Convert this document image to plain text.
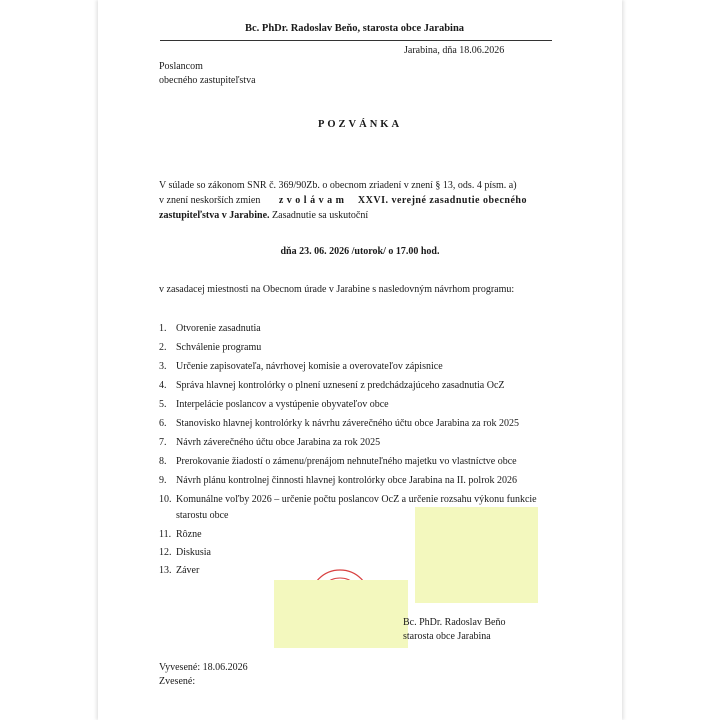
Bc. PhDr. Radoslav Beňo, starosta obce Jarabina
Jarabina, dňa 18.06.2026
Poslancom
obecného zastupiteľstva
POZVÁNKA
V súlade so zákonom SNR č. 369/90Zb. o obecnom zriadení v znení § 13, ods. 4 písm. a)
v znení neskorších zmien zvolávam XXVI. verejné zasadnutie obecného
zastupiteľstva v Jarabine. Zasadnutie sa uskutoční
dňa 23. 06. 2026 /utorok/ o 17.00 hod.
v zasadacej miestnosti na Obecnom úrade v Jarabine s nasledovným návrhom programu:
1. Otvorenie zasadnutia
2. Schválenie programu
3. Určenie zapisovateľa, návrhovej komisie a overovateľov zápisnice
4. Správa hlavnej kontrolórky o plnení uznesení z predchádzajúceho zasadnutia OcZ
5. Interpelácie poslancov a vystúpenie obyvateľov obce
6. Stanovisko hlavnej kontrolórky k návrhu záverečného účtu obce Jarabina za rok 2025
7. Návrh záverečného účtu obce Jarabina za rok 2025
8. Prerokovanie žiadostí o zámenu/prenájom nehnuteľného majetku vo vlastníctve obce
9. Návrh plánu kontrolnej činnosti hlavnej kontrolórky obce Jarabina na II. polrok 2026
10. Komunálne voľby 2026 – určenie počtu poslancov OcZ a určenie rozsahu výkonu funkcie
starostu obce
11. Rôzne
12. Diskusia
13. Záver
Bc. PhDr. Radoslav Beňo
starosta obce Jarabina
Vyvesené: 18.06.2026
Zvesené:
